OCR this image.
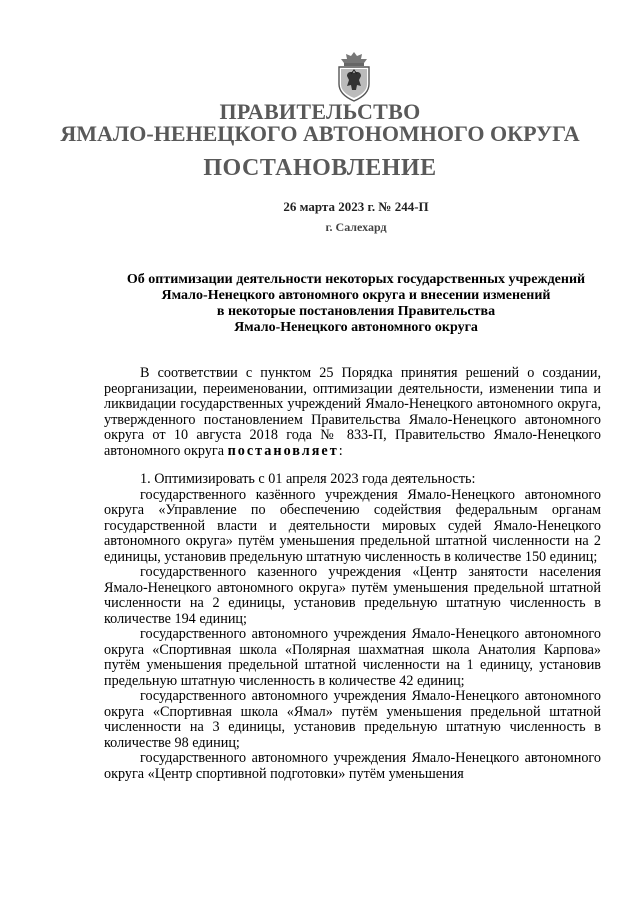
ПРАВИТЕЛЬСТВО
ЯМАЛО-НЕНЕЦКОГО АВТОНОМНОГО ОКРУГА
ПОСТАНОВЛЕНИЕ
26 марта 2023 г. № 244-П
г. Салехард
Об оптимизации деятельности некоторых государственных учреждений
Ямало-Ненецкого автономного округа и внесении изменений
в некоторые постановления Правительства
Ямало-Ненецкого автономного округа

В соответствии с пунктом 25 Порядка принятия решений о создании, реорганизации, переименовании, оптимизации деятельности, изменении типа и ликвидации государственных учреждений Ямало-Ненецкого автономного округа, утвержденного постановлением Правительства Ямало-Ненецкого автономного округа от 10 августа 2018 года № 833-П, Правительство Ямало-Ненецкого автономного округа постановляет:

1. Оптимизировать с 01 апреля 2023 года деятельность:

государственного казённого учреждения Ямало-Ненецкого автономного округа «Управление по обеспечению содействия федеральным органам государственной власти и деятельности мировых судей Ямало-Ненецкого автономного округа» путём уменьшения предельной штатной численности на 2 единицы, установив предельную штатную численность в количестве 150 единиц;

государственного казенного учреждения «Центр занятости населения Ямало-Ненецкого автономного округа» путём уменьшения предельной штатной численности на 2 единицы, установив предельную штатную численность в количестве 194 единиц;

государственного автономного учреждения Ямало-Ненецкого автономного округа «Спортивная школа «Полярная шахматная школа Анатолия Карпова» путём уменьшения предельной штатной численности на 1 единицу, установив предельную штатную численность в количестве 42 единиц;

государственного автономного учреждения Ямало-Ненецкого автономного округа «Спортивная школа «Ямал» путём уменьшения предельной штатной численности на 3 единицы, установив предельную штатную численность в количестве 98 единиц;

государственного автономного учреждения Ямало-Ненецкого автономного округа «Центр спортивной подготовки» путём уменьшения
